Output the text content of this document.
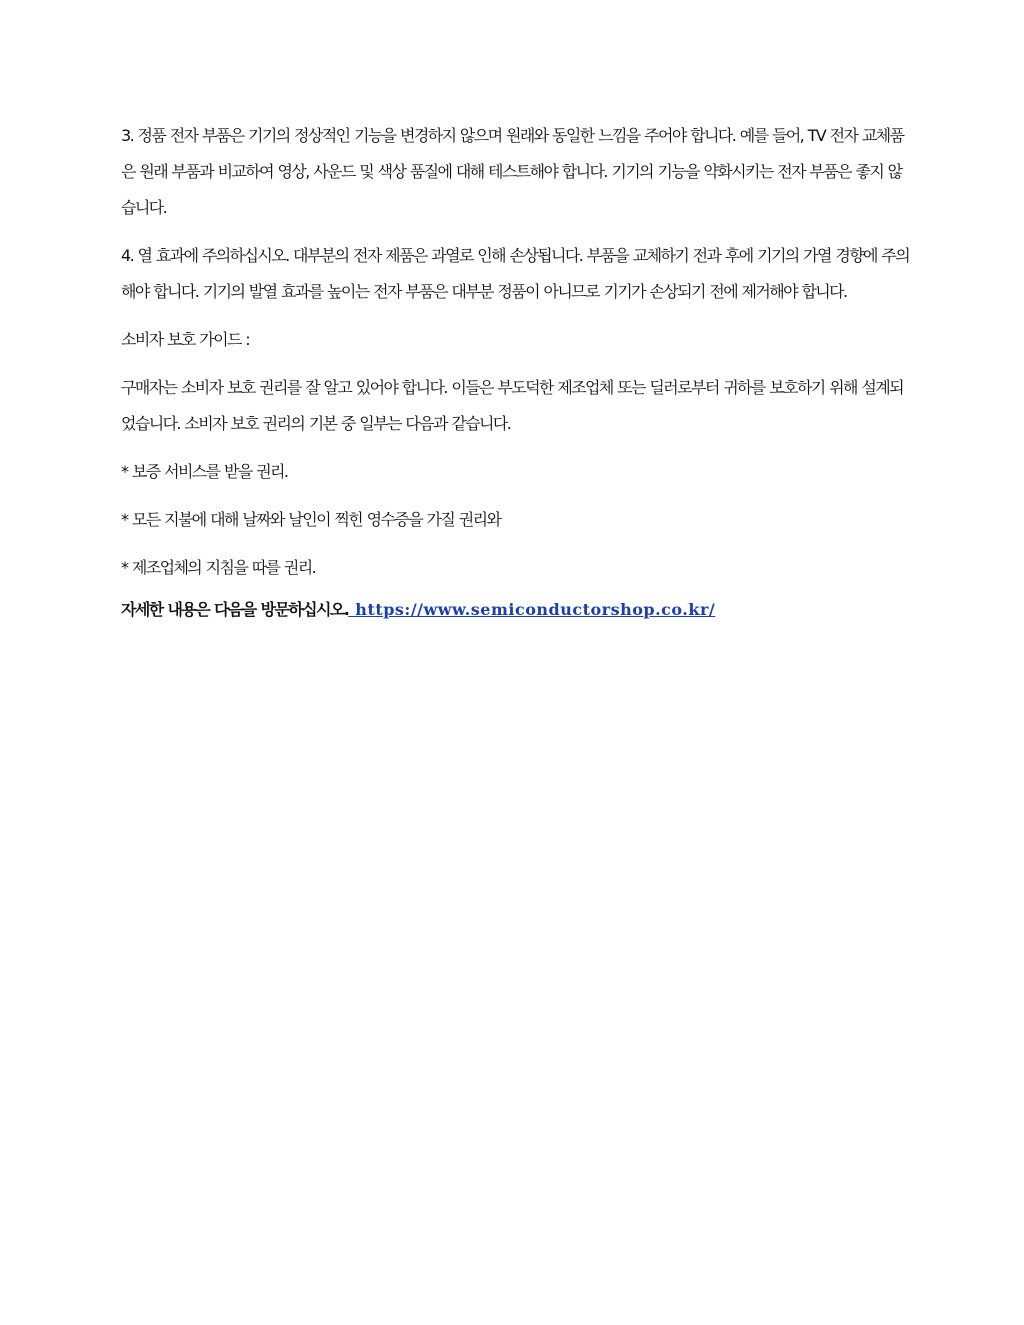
3. 정품 전자 부품은 기기의 정상적인 기능을 변경하지 않으며 원래와 동일한 느낌을 주어야 합니다. 예를 들어, TV 전자 교체품은 원래 부품과 비교하여 영상, 사운드 및 색상 품질에 대해 테스트해야 합니다. 기기의 기능을 약화시키는 전자 부품은 좋지 않습니다.

4. 열 효과에 주의하십시오. 대부분의 전자 제품은 과열로 인해 손상됩니다. 부품을 교체하기 전과 후에 기기의 가열 경향에 주의해야 합니다. 기기의 발열 효과를 높이는 전자 부품은 대부분 정품이 아니므로 기기가 손상되기 전에 제거해야 합니다.

소비자 보호 가이드 :

구매자는 소비자 보호 권리를 잘 알고 있어야 합니다. 이들은 부도덕한 제조업체 또는 딜러로부터 귀하를 보호하기 위해 설계되었습니다. 소비자 보호 권리의 기본 중 일부는 다음과 같습니다.

* 보증 서비스를 받을 권리.

* 모든 지불에 대해 날짜와 날인이 찍힌 영수증을 가질 권리와

* 제조업체의 지침을 따를 권리.

자세한 내용은 다음을 방문하십시오. https://www.semiconductorshop.co.kr/
